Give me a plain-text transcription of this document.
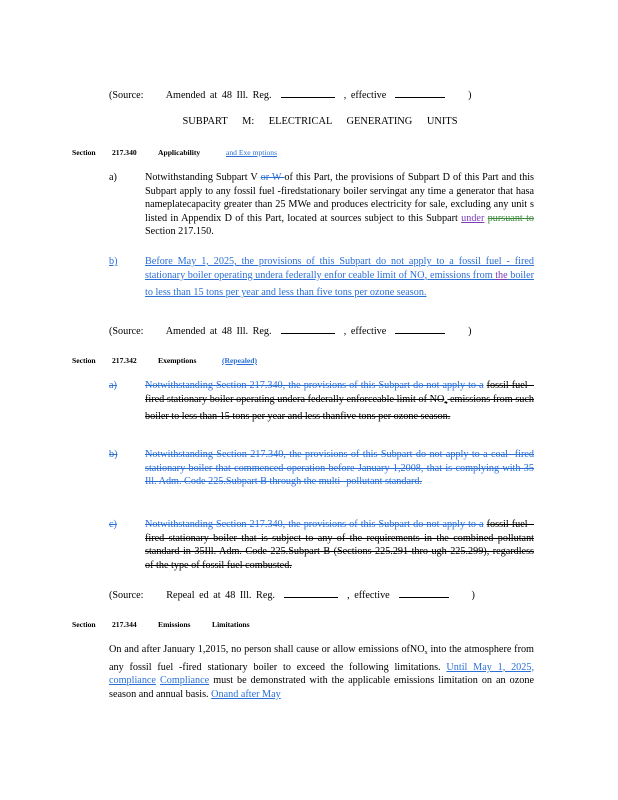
(Source: Amended at 48 Ill. Reg.	, effective	)
SUBPART M: ELECTRICAL GENERATING UNITS
Section 217.340	Applicability	and Exe mptions
a)	Notwithstanding Subpart V or W of this Part, the provisions of Subpart D of this Part and this Subpart apply to any fossil fuel -firedstationary boiler servingat any time a generator that hasa nameplatecapacity greater than 25 MWe and produces electricity for sale, excluding any unit s listed in Appendix D of this Part, located at sources subject to this Subpart under pursuant to Section 217.150.
b)	Before May 1, 2025, the provisions of this Subpart do not apply to a fossil fuel - fired stationary boiler operating undera federally enfor ceable limit of $NO_x$ emissions from the boiler to less than 15 tons per year and less than five tons per ozone season.
(Source: Amended at 48 Ill. Reg.	, effective	)
Section 217.342	Exemptions	(Repealed)
a)	Notwithstanding Section 217.340, the provisions of this Subpart do not apply to a fossil fuel -fired stationary boiler operating undera federally enforceable limit of $NO_x$ emissions from such boiler to less than 15 tons per year and less thanfive tons per ozone season.
b)	Notwithstanding Section 217.340, the provisions of this Subpart do not apply to a coal -fired stationary boiler that commenced operation before January 1,2008, that is complying with 35 Ill. Adm. Code 225.Subpart B through the multi -pollutant standard.
c)	Notwithstanding Section 217.340, the provisions of this Subpart do not apply to a fossil fuel -fired stationary boiler that is subject to any of the requirements in the combined pollutant standard in 35Ill. Adm. Code 225.Subpart B (Sections 225.291 thro ugh 225.299), regardless of the type of fossil fuel combusted.
(Source: Repeal ed at 48 Ill. Reg.	, effective	)
Section 217.344	Emissions	Limitations
On and after January 1,2015, no person shall cause or allow emissions ofNO$_x$ into the atmosphere from any fossil fuel -fired stationary boiler to exceed the following limitations. Until May 1, 2025, compliance Compliance must be demonstrated with the applicable emissions limitation on an ozone season and annual basis. Onand after May
